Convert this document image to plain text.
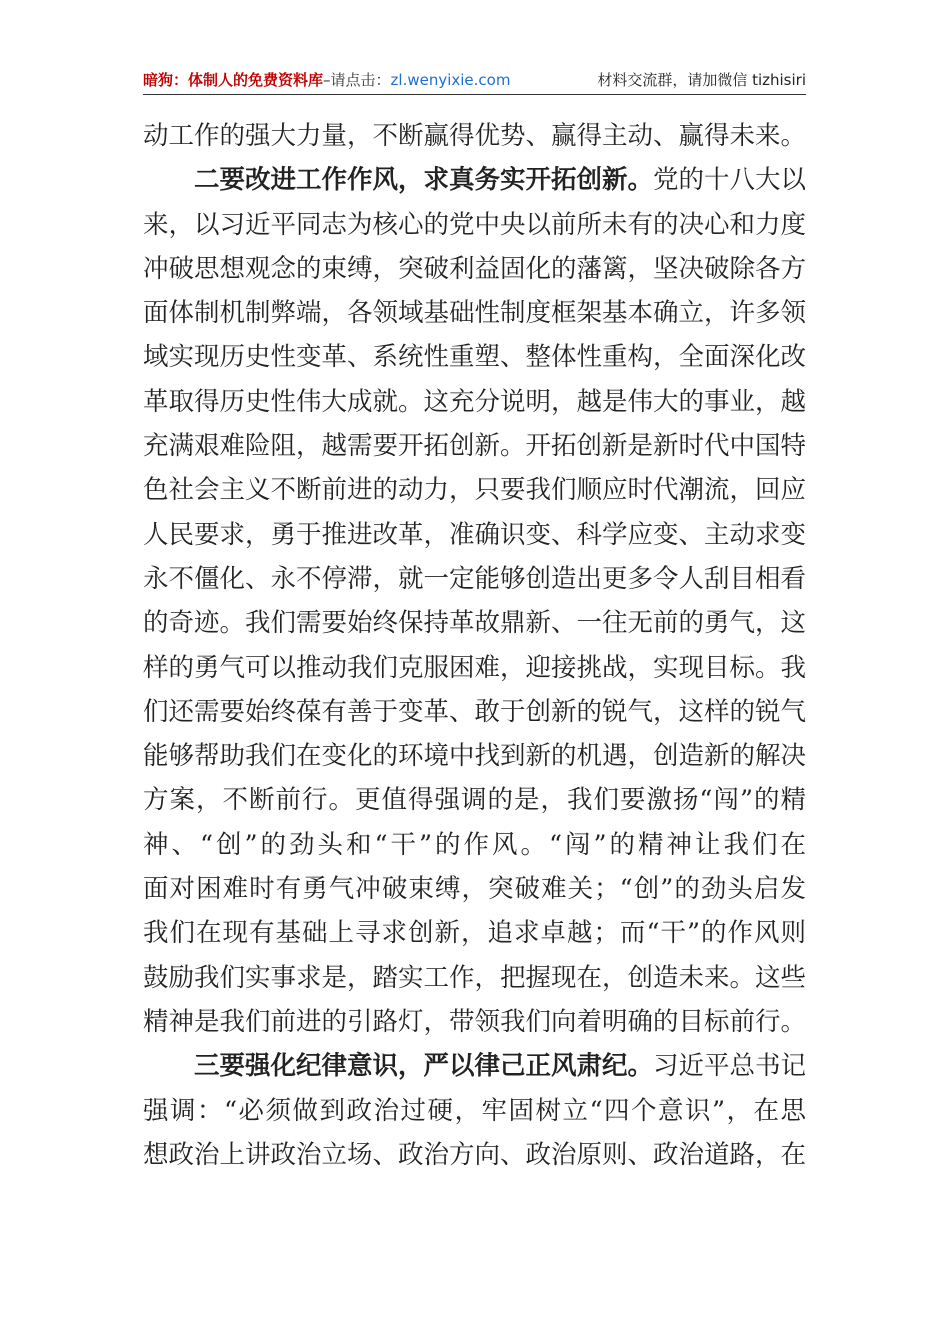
暗狗：体制人的免费资料库–请点击：zl.wenyixie.com	材料交流群，请加微信 tizhisiri
动工作的强大力量，不断赢得优势、赢得主动、赢得未来。
二要改进工作作风，求真务实开拓创新。党的十八大以
来，以习近平同志为核心的党中央以前所未有的决心和力度
冲破思想观念的束缚，突破利益固化的藩篱，坚决破除各方
面体制机制弊端，各领域基础性制度框架基本确立，许多领
域实现历史性变革、系统性重塑、整体性重构，全面深化改
革取得历史性伟大成就。这充分说明，越是伟大的事业，越
充满艰难险阻，越需要开拓创新。开拓创新是新时代中国特
色社会主义不断前进的动力，只要我们顺应时代潮流，回应
人民要求，勇于推进改革，准确识变、科学应变、主动求变
永不僵化、永不停滞，就一定能够创造出更多令人刮目相看
的奇迹。我们需要始终保持革故鼎新、一往无前的勇气，这
样的勇气可以推动我们克服困难，迎接挑战，实现目标。我
们还需要始终葆有善于变革、敢于创新的锐气，这样的锐气
能够帮助我们在变化的环境中找到新的机遇，创造新的解决
方案，不断前行。更值得强调的是，我们要激扬“闯”的精
神、“创”的劲头和“干”的作风。“闯”的精神让我们在
面对困难时有勇气冲破束缚，突破难关；“创”的劲头启发
我们在现有基础上寻求创新，追求卓越；而“干”的作风则
鼓励我们实事求是，踏实工作，把握现在，创造未来。这些
精神是我们前进的引路灯，带领我们向着明确的目标前行。
三要强化纪律意识，严以律己正风肃纪。习近平总书记
强调：“必须做到政治过硬，牢固树立“四个意识”，在思
想政治上讲政治立场、政治方向、政治原则、政治道路，在
